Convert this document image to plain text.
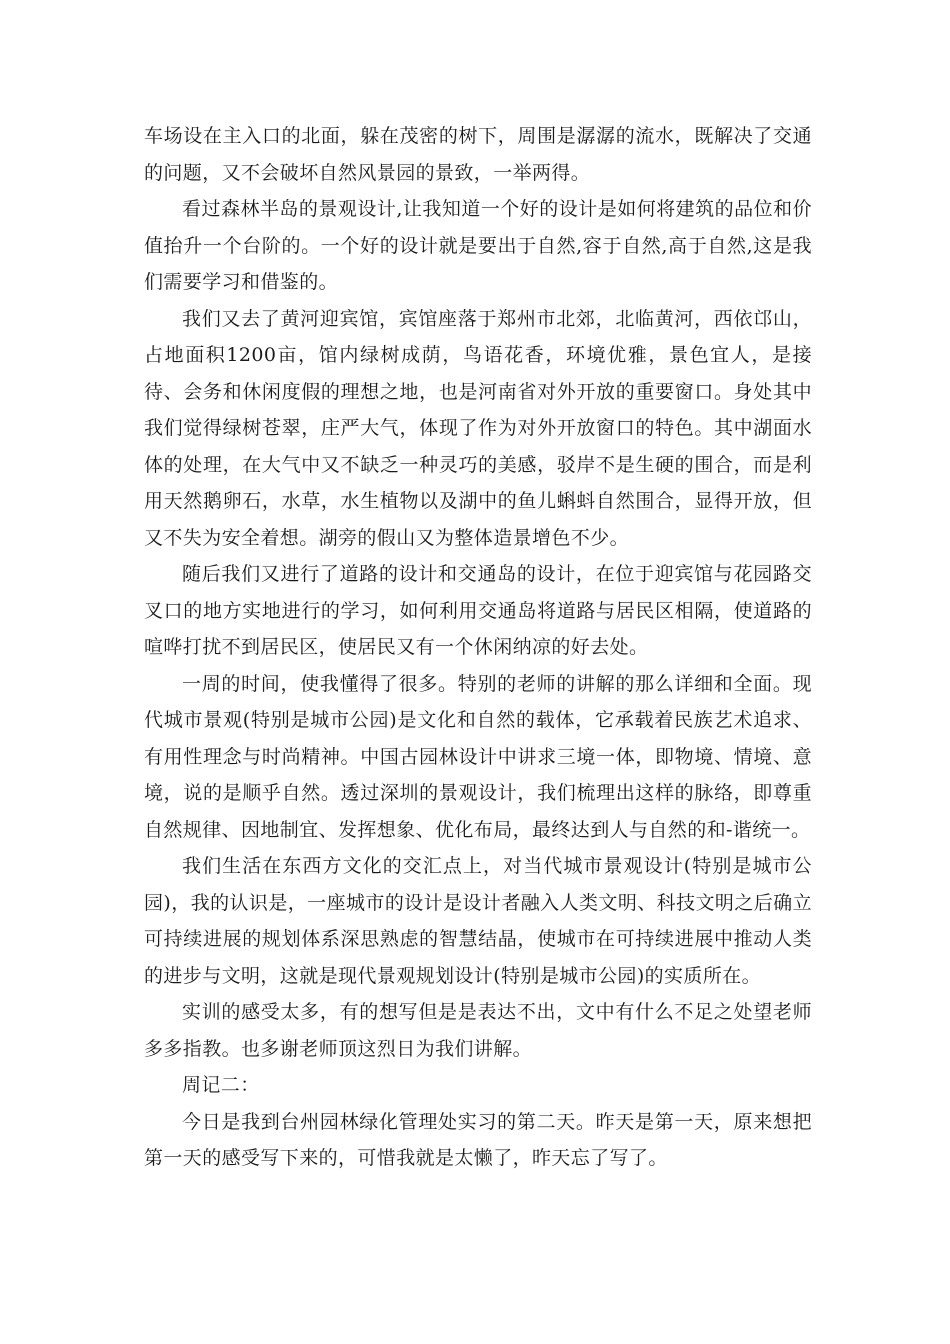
车场设在主入口的北面，躲在茂密的树下，周围是潺潺的流水，既解决了交通的问题，又不会破坏自然风景园的景致，一举两得。

看过森林半岛的景观设计,让我知道一个好的设计是如何将建筑的品位和价值抬升一个台阶的。一个好的设计就是要出于自然,容于自然,高于自然,这是我们需要学习和借鉴的。

我们又去了黄河迎宾馆，宾馆座落于郑州市北郊，北临黄河，西依邙山，占地面积1200亩，馆内绿树成荫，鸟语花香，环境优雅，景色宜人，是接待、会务和休闲度假的理想之地，也是河南省对外开放的重要窗口。身处其中我们觉得绿树苍翠，庄严大气，体现了作为对外开放窗口的特色。其中湖面水体的处理，在大气中又不缺乏一种灵巧的美感，驳岸不是生硬的围合，而是利用天然鹅卵石，水草，水生植物以及湖中的鱼儿蝌蚪自然围合，显得开放，但又不失为安全着想。湖旁的假山又为整体造景增色不少。

随后我们又进行了道路的设计和交通岛的设计，在位于迎宾馆与花园路交叉口的地方实地进行的学习，如何利用交通岛将道路与居民区相隔，使道路的喧哗打扰不到居民区，使居民又有一个休闲纳凉的好去处。

一周的时间，使我懂得了很多。特别的老师的讲解的那么详细和全面。现代城市景观(特别是城市公园)是文化和自然的载体，它承载着民族艺术追求、有用性理念与时尚精神。中国古园林设计中讲求三境一体，即物境、情境、意境，说的是顺乎自然。透过深圳的景观设计，我们梳理出这样的脉络，即尊重自然规律、因地制宜、发挥想象、优化布局，最终达到人与自然的和-谐统一。

我们生活在东西方文化的交汇点上，对当代城市景观设计(特别是城市公园)，我的认识是，一座城市的设计是设计者融入人类文明、科技文明之后确立可持续进展的规划体系深思熟虑的智慧结晶，使城市在可持续进展中推动人类的进步与文明，这就是现代景观规划设计(特别是城市公园)的实质所在。

实训的感受太多，有的想写但是是表达不出，文中有什么不足之处望老师多多指教。也多谢老师顶这烈日为我们讲解。

周记二：

今日是我到台州园林绿化管理处实习的第二天。昨天是第一天，原来想把第一天的感受写下来的，可惜我就是太懒了，昨天忘了写了。
